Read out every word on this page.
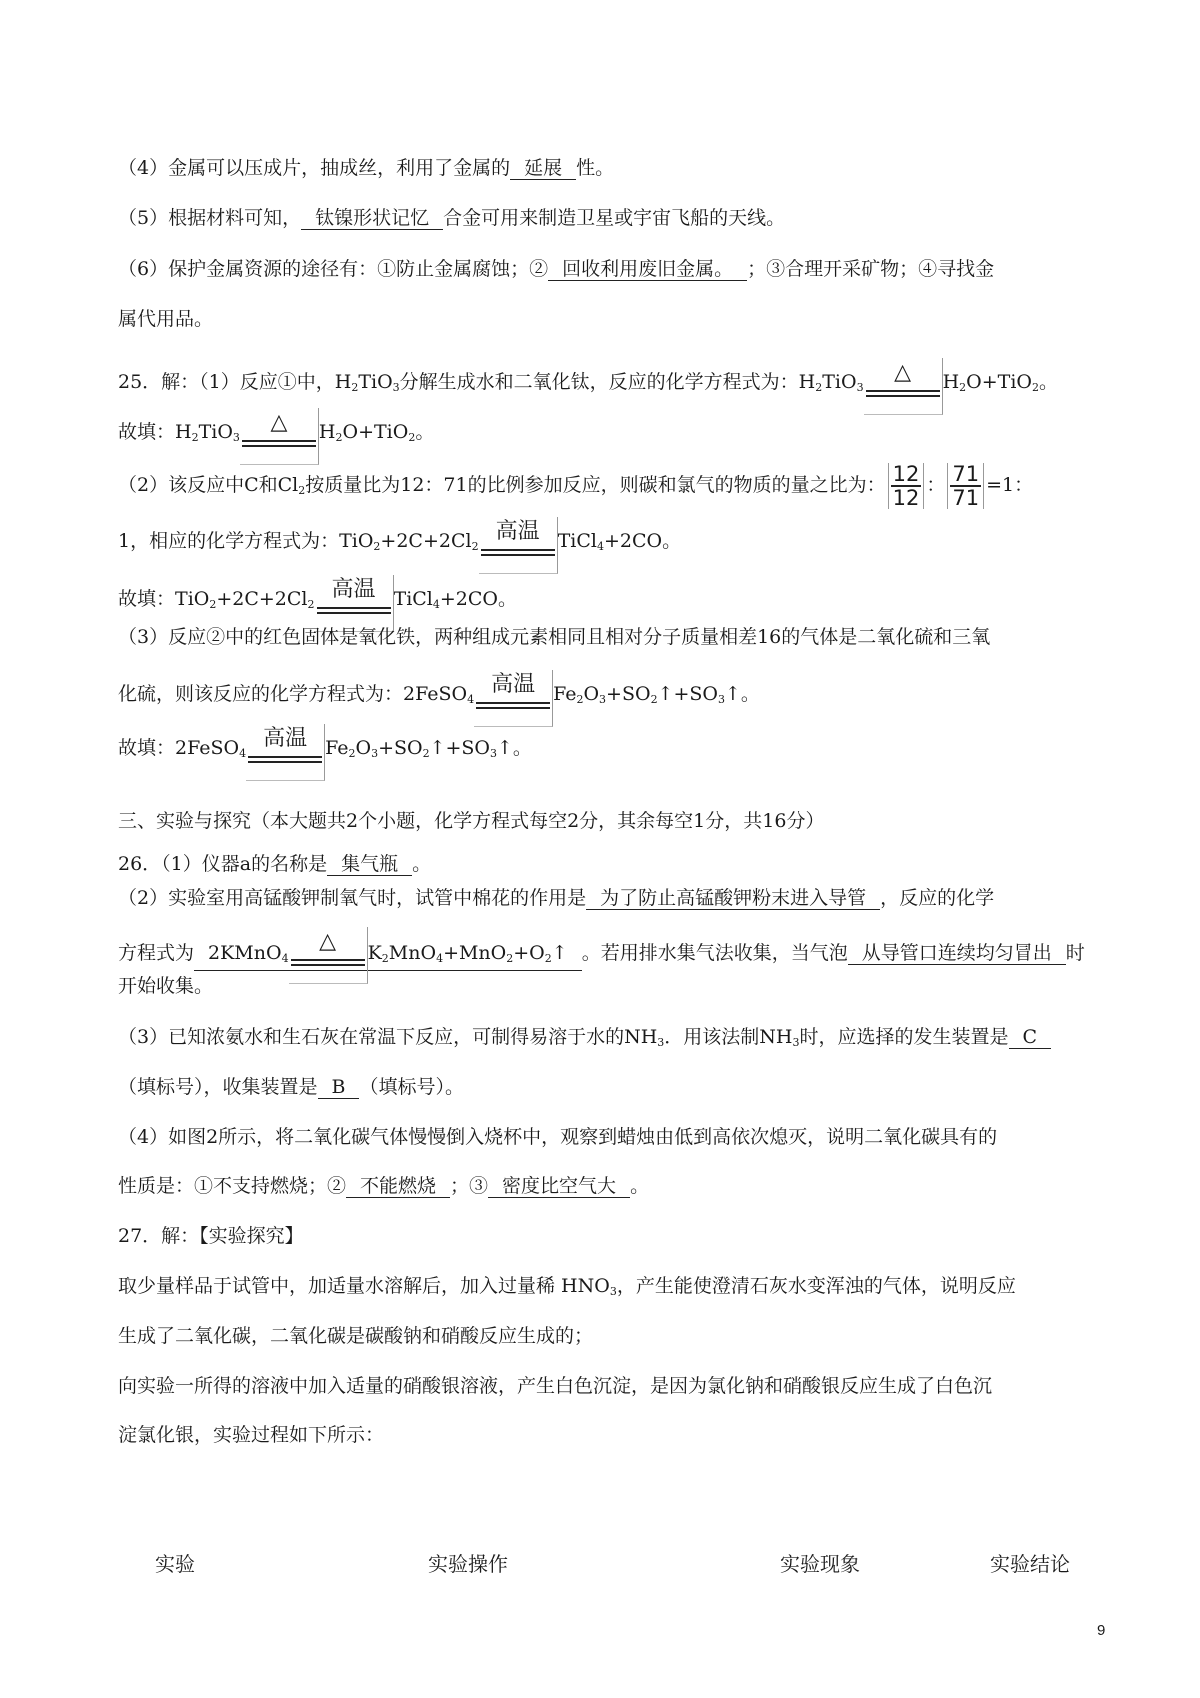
（4）金属可以压成片，抽成丝，利用了金属的 延展 性。
（5）根据材料可知， 钛镍形状记忆 合金可用来制造卫星或宇宙飞船的天线。
（6）保护金属资源的途径有：①防止金属腐蚀；② 回收利用废旧金属。 ；③合理开采矿物；④寻找金
属代用品。
25．解：（1）反应①中，$H_2TiO_3$分解生成水和二氧化钛，反应的化学方程式为：$H_2TiO_3$
△	$H_2O+TiO_2$。
故填：$H_2TiO_3$
△	$H_2O+TiO_2$。
（2）该反应中C和$Cl_2$按质量比为12：71的比例参加反应，则碳和氯气的物质的量之比为： $\frac{12}{12}$ ： $\frac{71}{71} =1$：
1，相应的化学方程式为：$TiO_2+2C+2Cl_2$
高温 TiCl$_4$+2CO。
故填：$TiO_2+2C+2Cl_2$
高温 TiCl$_4$+2CO。
（3）反应②中的红色固体是氧化铁，两种组成元素相同且相对分子质量相差16的气体是二氧化硫和三氧
化硫，则该反应的化学方程式为：2FeSO$_4$
高温 $Fe_2O_3+SO_2↑+SO_3↑$。
故填：2FeSO$_4$
高温 $Fe_2O_3+SO_2↑+SO_3↑$。
三、实验与探究（本大题共2个小题，化学方程式每空2分，其余每空1分，共16分）
26．（1）仪器a的名称是 集气瓶 。
（2）实验室用高锰酸钾制氧气时，试管中棉花的作用是 为了防止高锰酸钾粉末进入导管 ，反应的化学
方程式为 2KMnO$_4$
△	$K_2MnO_4+MnO_2+O_2↑$ 。若用排水集气法收集，当气泡 从导管口连续均匀冒出 时
开始收集。
（3）已知浓氨水和生石灰在常温下反应，可制得易溶于水的$NH_3$．用该法制$NH_3$时，应选择的发生装置是 C
（填标号），收集装置是 B （填标号）。
（4）如图2所示，将二氧化碳气体慢慢倒入烧杯中，观察到蜡烛由低到高依次熄灭，说明二氧化碳具有的
性质是：①不支持燃烧；② 不能燃烧 ；③ 密度比空气大 。
27．解：【实验探究】
取少量样品于试管中，加适量水溶解后，加入过量稀 $HNO_3$，产生能使澄清石灰水变浑浊的气体，说明反应
生成了二氧化碳，二氧化碳是碳酸钠和硝酸反应生成的；
向实验一所得的溶液中加入适量的硝酸银溶液，产生白色沉淀，是因为氯化钠和硝酸银反应生成了白色沉
淀氯化银，实验过程如下所示：
实验	实验操作	实验现象	实验结论
9
